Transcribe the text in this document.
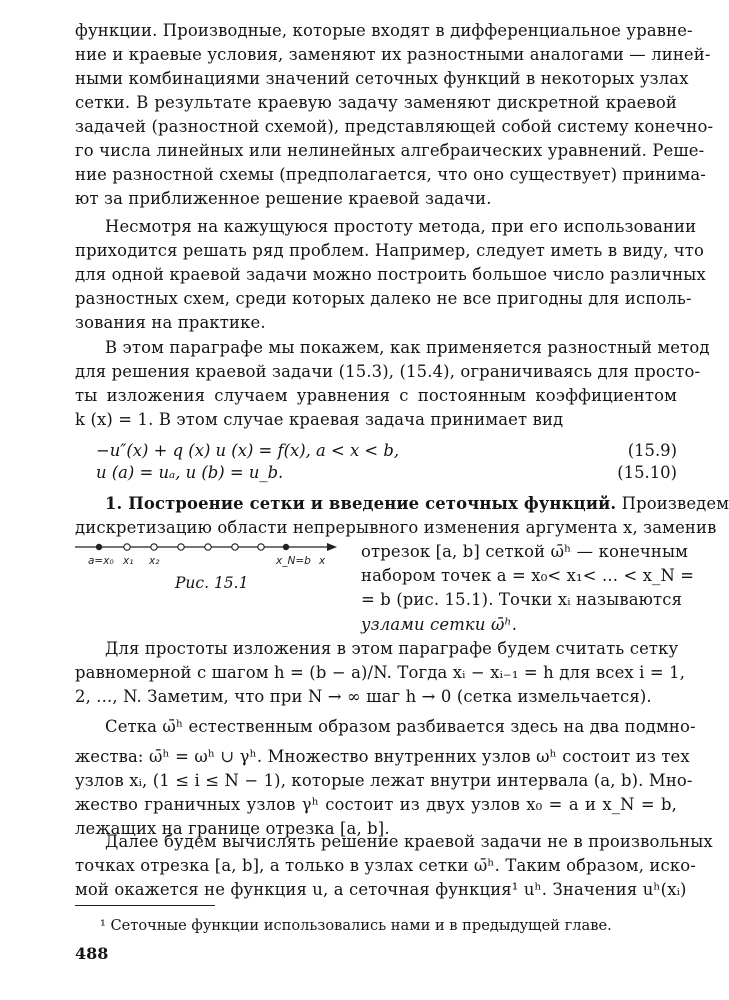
функции. Производные, которые входят в дифференциальное уравне-
ние и краевые условия, заменяют их разностными аналогами — линей-
ными комбинациями значений сеточных функций в некоторых узлах
сетки. В результате краевую задачу заменяют дискретной краевой
задачей (разностной схемой), представляющей собой систему конечно-
го числа линейных или нелинейных алгебраических уравнений. Реше-
ние разностной схемы (предполагается, что оно существует) принима-
ют за приближенное решение краевой задачи.
Несмотря на кажущуюся простоту метода, при его использовании
приходится решать ряд проблем. Например, следует иметь в виду, что
для одной краевой задачи можно построить большое число различных
разностных схем, среди которых далеко не все пригодны для исполь-
зования на практике.
В этом параграфе мы покажем, как применяется разностный метод
для решения краевой задачи (15.3), (15.4), ограничиваясь для просто-
ты изложения случаем уравнения с постоянным коэффициентом
k (x) = 1. В этом случае краевая задача принимает вид
−u″(x) + q (x) u (x) = f(x), a < x < b,	(15.9)
u (a) = uₐ, u (b) = u_b.	(15.10)
1. Построение сетки и введение сеточных функций. Произведем
дискретизацию области непрерывного изменения аргумента x, заменив
a=x₀ x₁ x₂	x_N=b x
Рис. 15.1
отрезок [a, b] сеткой ω̄ʰ — конечным
набором точек a = x₀< x₁< ... < x_N =
= b (рис. 15.1). Точки xᵢ называются
узлами сетки ω̄ʰ.
Для простоты изложения в этом параграфе будем считать сетку
равномерной с шагом h = (b − a)/N. Тогда xᵢ − xᵢ₋₁ = h для всех i = 1,
2, ..., N. Заметим, что при N → ∞ шаг h → 0 (сетка измельчается).
Сетка ω̄ʰ естественным образом разбивается здесь на два подмно-
жества: ω̄ʰ = ωʰ ∪ γʰ. Множество внутренних узлов ωʰ состоит из тех
узлов xᵢ, (1 ≤ i ≤ N − 1), которые лежат внутри интервала (a, b). Мно-
жество граничных узлов γʰ состоит из двух узлов x₀ = a и x_N = b,
лежащих на границе отрезка [a, b].
Далее будем вычислять решение краевой задачи не в произвольных
¹ Сеточные функции использовались нами и в предыдущей главе.
488
точках отрезка [a, b], а только в узлах сетки ω̄ʰ. Таким образом, иско-
мой окажется не функция u, а сеточная функция¹ uʰ. Значения uʰ(xᵢ)
